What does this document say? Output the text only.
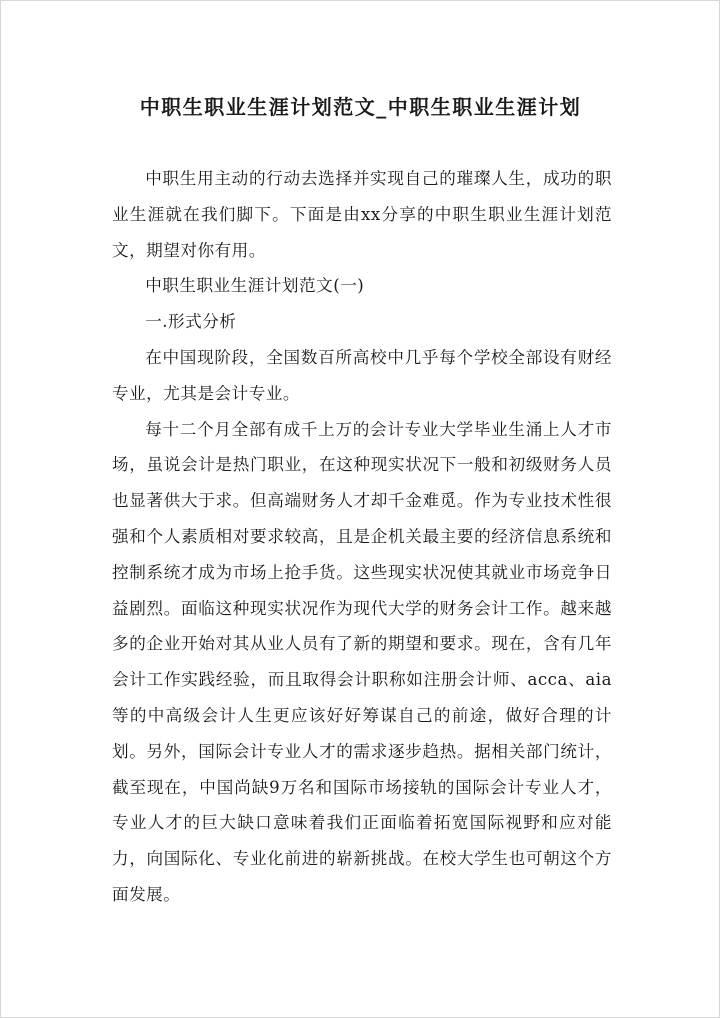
中职生职业生涯计划范文_中职生职业生涯计划

中职生用主动的行动去选择并实现自己的璀璨人生，成功的职业生涯就在我们脚下。下面是由xx分享的中职生职业生涯计划范文，期望对你有用。

中职生职业生涯计划范文(一)

一.形式分析

在中国现阶段，全国数百所高校中几乎每个学校全部设有财经专业，尤其是会计专业。

每十二个月全部有成千上万的会计专业大学毕业生涌上人才市场，虽说会计是热门职业，在这种现实状况下一般和初级财务人员也显著供大于求。但高端财务人才却千金难觅。作为专业技术性很强和个人素质相对要求较高，且是企机关最主要的经济信息系统和控制系统才成为市场上抢手货。这些现实状况使其就业市场竞争日益剧烈。面临这种现实状况作为现代大学的财务会计工作。越来越多的企业开始对其从业人员有了新的期望和要求。现在，含有几年会计工作实践经验，而且取得会计职称如注册会计师、acca、aia等的中高级会计人生更应该好好筹谋自己的前途，做好合理的计划。另外，国际会计专业人才的需求逐步趋热。据相关部门统计，截至现在，中国尚缺9万名和国际市场接轨的国际会计专业人才，专业人才的巨大缺口意味着我们正面临着拓宽国际视野和应对能力，向国际化、专业化前进的崭新挑战。在校大学生也可朝这个方面发展。
